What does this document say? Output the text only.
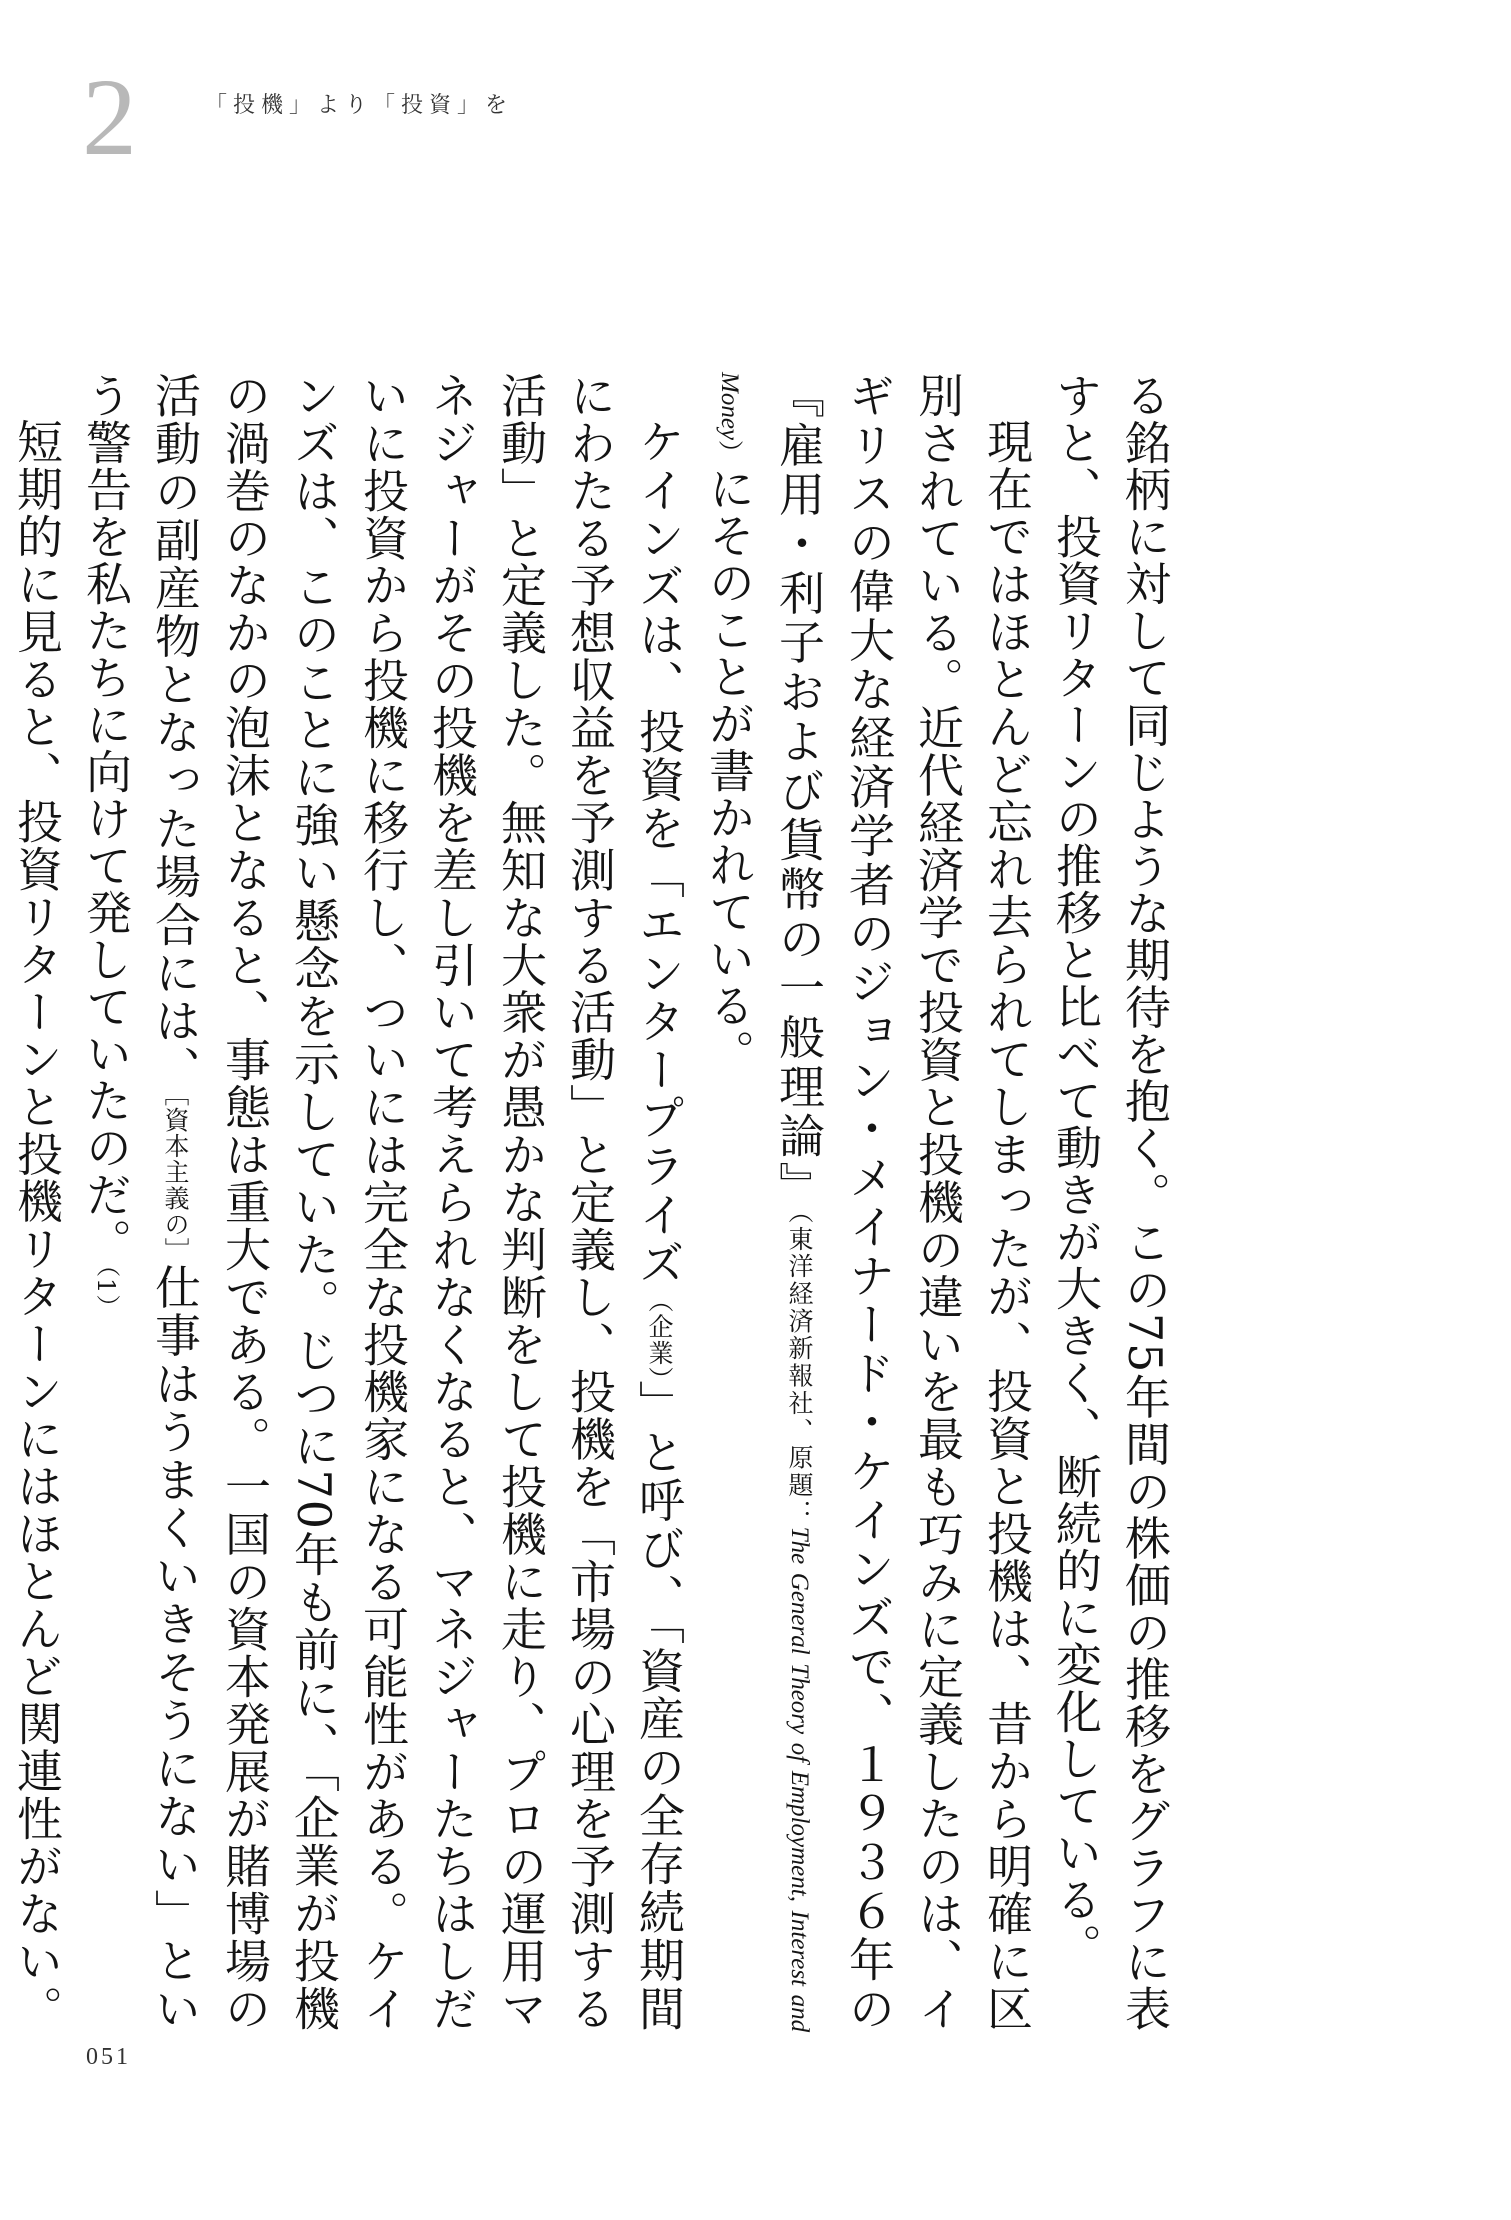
2	「投機」より「投資」を

る銘柄に対して同じような期待を抱く。この75年間の株価の推移をグラフに表すと、投資リターンの推移と比べて動きが大きく、断続的に変化している。

現在ではほとんど忘れ去られてしまったが、投資と投機は、昔から明確に区別されている。近代経済学で投資と投機の違いを最も巧みに定義したのは、イギリスの偉大な経済学者のジョン・メイナード・ケインズで、１９３６年の『雇用・利子および貨幣の一般理論』（東洋経済新報社、原題：The General Theory of Employment, Interest and Money）にそのことが書かれている。

ケインズは、投資を「エンタープライズ（企業）」と呼び、「資産の全存続期間にわたる予想収益を予測する活動」と定義し、投機を「市場の心理を予測する活動」と定義した。無知な大衆が愚かな判断をして投機に走り、プロの運用マネジャーがその投機を差し引いて考えられなくなると、マネジャーたちはしだいに投資から投機に移行し、ついには完全な投機家になる可能性がある。ケインズは、このことに強い懸念を示していた。じつに70年も前に、「企業が投機の渦巻のなかの泡沫となると、事態は重大である。一国の資本発展が賭博場の活動の副産物となった場合には、［資本主義の］仕事はうまくいきそうにない」という警告を私たちに向けて発していたのだ。（1）

短期的に見ると、投資リターンと投機リターンにはほとんど関連性がない。

051
